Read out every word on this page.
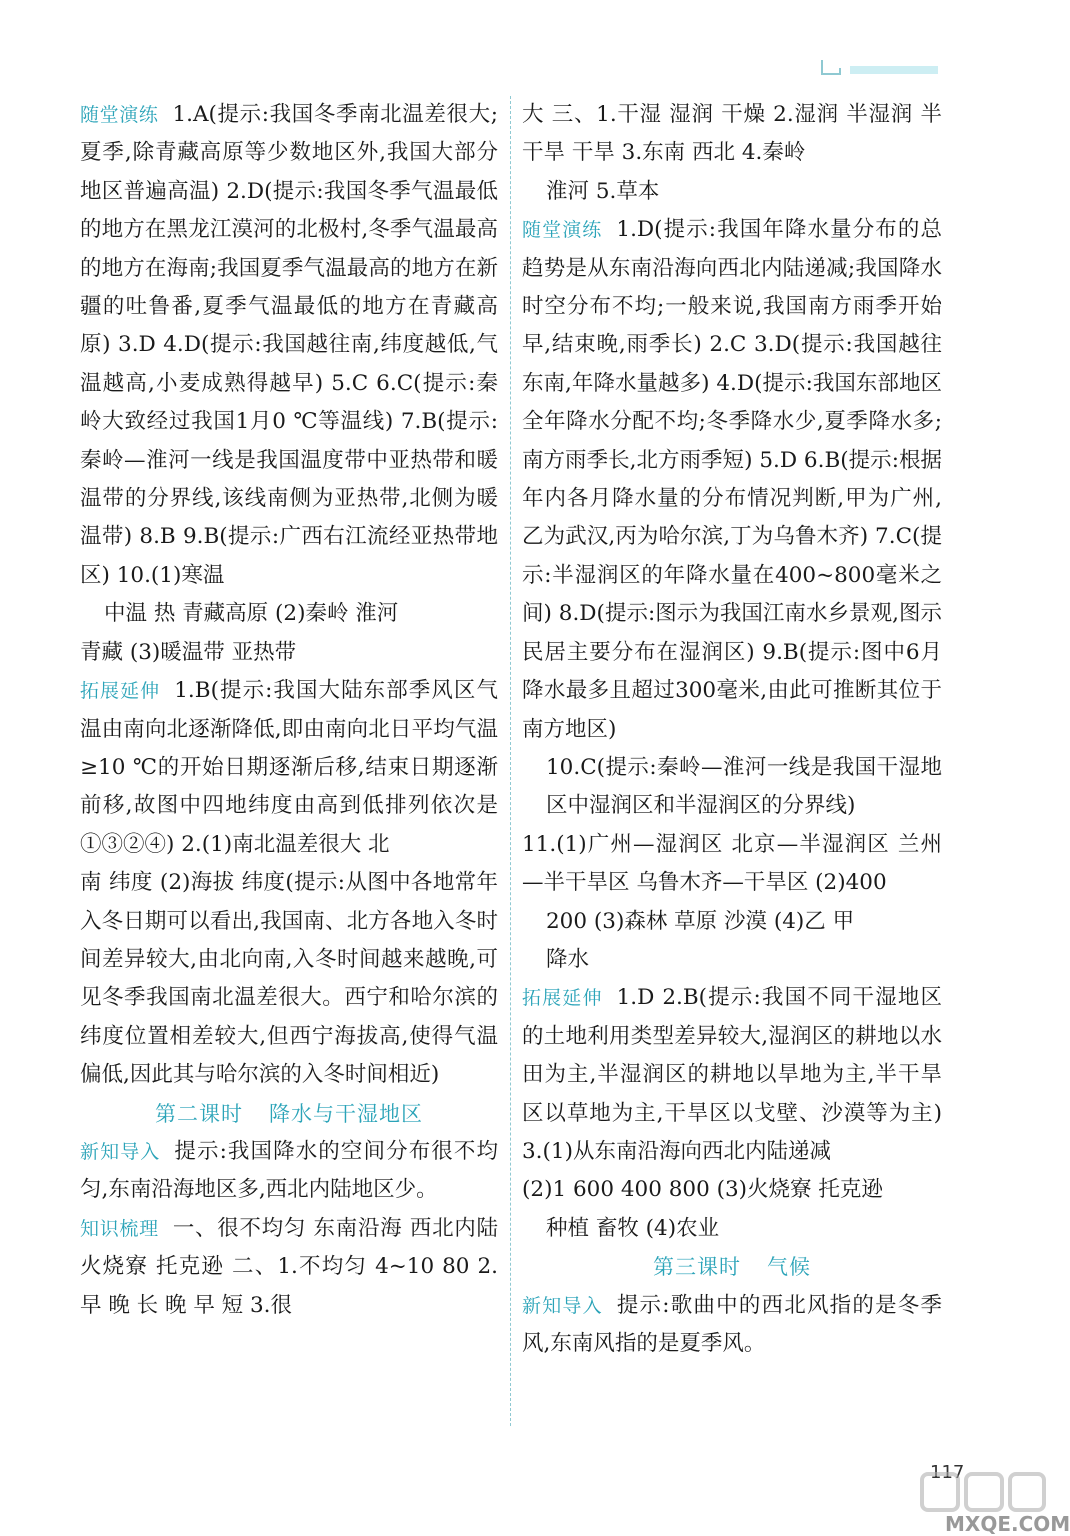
随堂演练 1.A(提示:我国冬季南北温差很大;夏季,除青藏高原等少数地区外,我国大部分地区普遍高温) 2.D(提示:我国冬季气温最低的地方在黑龙江漠河的北极村,冬季气温最高的地方在海南;我国夏季气温最高的地方在新疆的吐鲁番,夏季气温最低的地方在青藏高原) 3.D 4.D(提示:我国越往南,纬度越低,气温越高,小麦成熟得越早) 5.C 6.C(提示:秦岭大致经过我国1月0 ℃等温线) 7.B(提示:秦岭—淮河一线是我国温度带中亚热带和暖温带的分界线,该线南侧为亚热带,北侧为暖温带) 8.B 9.B(提示:广西右江流经亚热带地区) 10.(1)寒温

中温 热 青藏高原 (2)秦岭 淮河

青藏 (3)暖温带 亚热带

拓展延伸 1.B(提示:我国大陆东部季风区气温由南向北逐渐降低,即由南向北日平均气温≥10 ℃的开始日期逐渐后移,结束日期逐渐前移,故图中四地纬度由高到低排列依次是①③②④) 2.(1)南北温差很大 北

南 纬度 (2)海拔 纬度(提示:从图中各地常年入冬日期可以看出,我国南、北方各地入冬时间差异较大,由北向南,入冬时间越来越晚,可见冬季我国南北温差很大。西宁和哈尔滨的纬度位置相差较大,但西宁海拔高,使得气温偏低,因此其与哈尔滨的入冬时间相近)

第二课时 降水与干湿地区

新知导入 提示:我国降水的空间分布很不均匀,东南沿海地区多,西北内陆地区少。

知识梳理 一、很不均匀 东南沿海 西北内陆 火烧寮 托克逊 二、1.不均匀 4~10 80 2.早 晚 长 晚 早 短 3.很

大 三、1.干湿 湿润 干燥 2.湿润 半湿润 半干旱 干旱 3.东南 西北 4.秦岭

淮河 5.草本

随堂演练 1.D(提示:我国年降水量分布的总趋势是从东南沿海向西北内陆递减;我国降水时空分布不均;一般来说,我国南方雨季开始早,结束晚,雨季长) 2.C 3.D(提示:我国越往东南,年降水量越多) 4.D(提示:我国东部地区全年降水分配不均;冬季降水少,夏季降水多;南方雨季长,北方雨季短) 5.D 6.B(提示:根据年内各月降水量的分布情况判断,甲为广州,乙为武汉,丙为哈尔滨,丁为乌鲁木齐) 7.C(提示:半湿润区的年降水量在400~800毫米之间) 8.D(提示:图示为我国江南水乡景观,图示民居主要分布在湿润区) 9.B(提示:图中6月降水最多且超过300毫米,由此可推断其位于南方地区)

10.C(提示:秦岭—淮河一线是我国干湿地区中湿润区和半湿润区的分界线)

11.(1)广州—湿润区 北京—半湿润区 兰州—半干旱区 乌鲁木齐—干旱区 (2)400

200 (3)森林 草原 沙漠 (4)乙 甲

降水

拓展延伸 1.D 2.B(提示:我国不同干湿地区的土地利用类型差异较大,湿润区的耕地以水田为主,半湿润区的耕地以旱地为主,半干旱区以草地为主,干旱区以戈壁、沙漠等为主) 3.(1)从东南沿海向西北内陆递减

(2)1 600 400 800 (3)火烧寮 托克逊

种植 畜牧 (4)农业

第三课时 气候

新知导入 提示:歌曲中的西北风指的是冬季风,东南风指的是夏季风。

117
MXQE.COM
